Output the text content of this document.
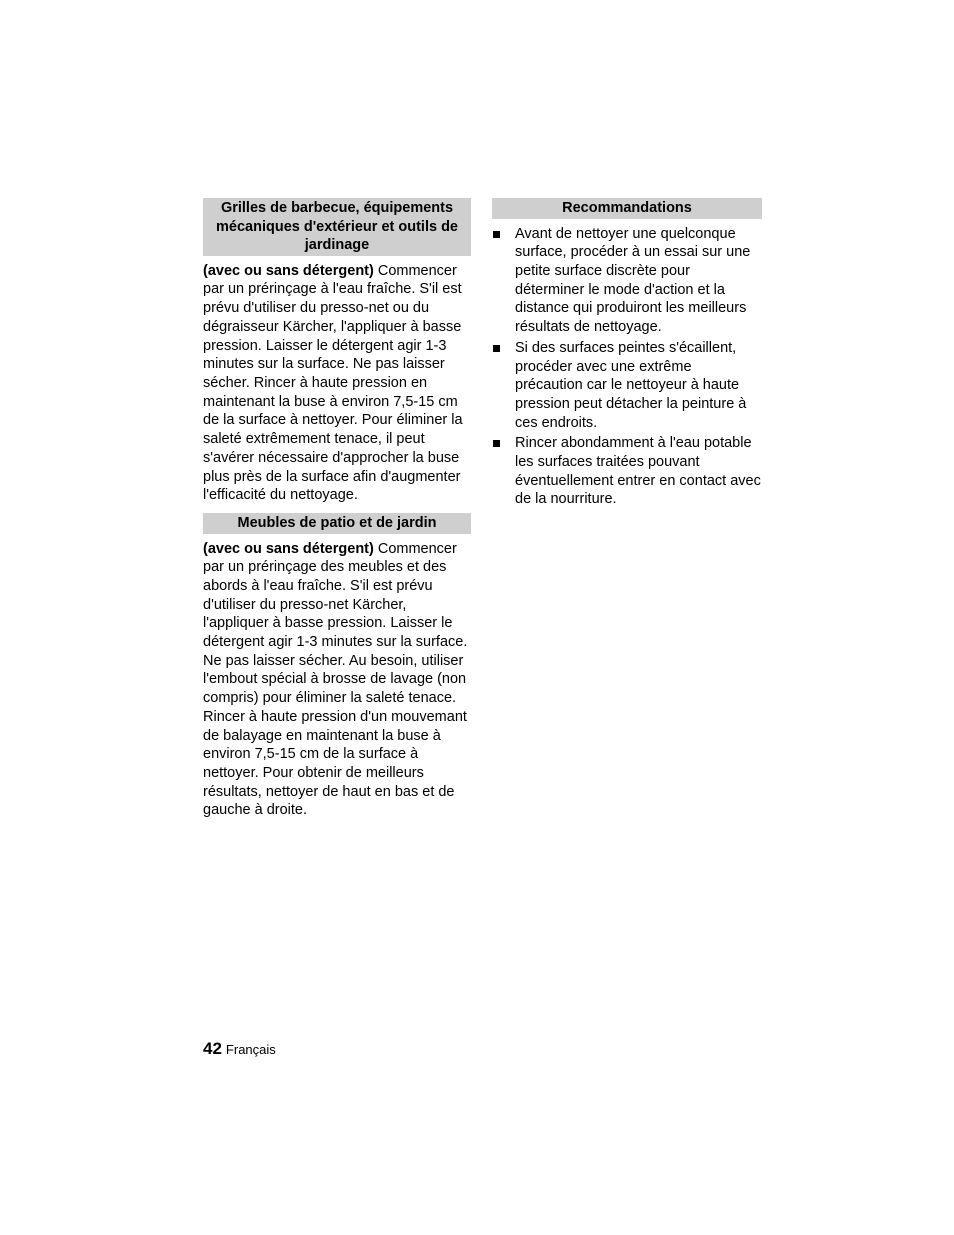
Grilles de barbecue, équipements mécaniques d'extérieur et outils de jardinage

(avec ou sans détergent) Commencer par un prérinçage à l'eau fraîche. S'il est prévu d'utiliser du presso-net ou du dégraisseur Kärcher, l'appliquer à basse pression. Laisser le détergent agir 1-3 minutes sur la surface. Ne pas laisser sécher. Rincer à haute pression en maintenant la buse à environ 7,5-15 cm de la surface à nettoyer. Pour éliminer la saleté extrêmement tenace, il peut s'avérer nécessaire d'approcher la buse plus près de la surface afin d'augmenter l'efficacité du nettoyage.

Meubles de patio et de jardin

(avec ou sans détergent) Commencer par un prérinçage des meubles et des abords à l'eau fraîche. S'il est prévu d'utiliser du presso-net Kärcher, l'appliquer à basse pression. Laisser le détergent agir 1-3 minutes sur la surface. Ne pas laisser sécher. Au besoin, utiliser l'embout spécial à brosse de lavage (non compris) pour éliminer la saleté tenace. Rincer à haute pression d'un mouvemant de balayage en maintenant la buse à environ 7,5-15 cm de la surface à nettoyer. Pour obtenir de meilleurs résultats, nettoyer de haut en bas et de gauche à droite.

Recommandations
Avant de nettoyer une quelconque surface, procéder à un essai sur une petite surface discrète pour déterminer le mode d'action et la distance qui produiront les meilleurs résultats de nettoyage.
Si des surfaces peintes s'écaillent, procéder avec une extrême précaution car le nettoyeur à haute pression peut détacher la peinture à ces endroits.
Rincer abondamment à l'eau potable les surfaces traitées pouvant éventuellement entrer en contact avec de la nourriture.
42 Français
